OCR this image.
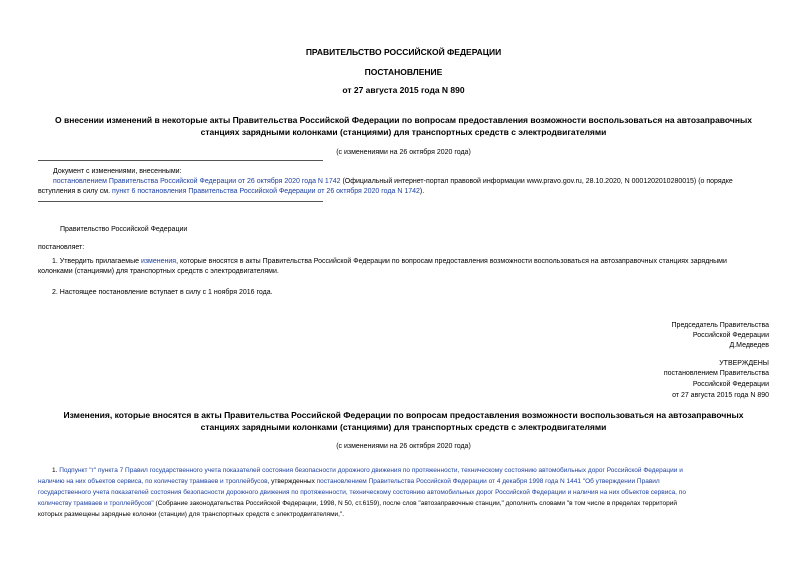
ПРАВИТЕЛЬСТВО РОССИЙСКОЙ ФЕДЕРАЦИИ
ПОСТАНОВЛЕНИЕ
от 27 августа 2015 года N 890
О внесении изменений в некоторые акты Правительства Российской Федерации по вопросам предоставления возможности воспользоваться на автозаправочных
станциях зарядными колонками (станциями) для транспортных средств с электродвигателями
(с изменениями на 26 октября 2020 года)
Документ с изменениями, внесенными:
постановлением Правительства Российской Федерации от 26 октября 2020 года N 1742 (Официальный интернет-портал правовой информации www.pravo.gov.ru, 28.10.2020, N 0001202010280015) (о порядке
вступления в силу см. пункт 6 постановления Правительства Российской Федерации от 26 октября 2020 года N 1742).
Правительство Российской Федерации
постановляет:
1. Утвердить прилагаемые изменения, которые вносятся в акты Правительства Российской Федерации по вопросам предоставления возможности воспользоваться на автозаправочных станциях зарядными
колонками (станциями) для транспортных средств с электродвигателями.
2. Настоящее постановление вступает в силу с 1 ноября 2016 года.
Председатель Правительства
Российской Федерации
Д.Медведев
УТВЕРЖДЕНЫ
постановлением Правительства
Российской Федерации
от 27 августа 2015 года N 890
Изменения, которые вносятся в акты Правительства Российской Федерации по вопросам предоставления возможности воспользоваться на автозаправочных
станциях зарядными колонками (станциями) для транспортных средств с электродвигателями
(с изменениями на 26 октября 2020 года)
1. Подпункт "г" пункта 7 Правил государственного учета показателей состояния безопасности дорожного движения по протяженности, техническому состоянию автомобильных дорог Российской Федерации и
наличию на них объектов сервиса, по количеству трамваев и троллейбусов, утвержденных постановлением Правительства Российской Федерации от 4 декабря 1998 года N 1441 "Об утверждении Правил
государственного учета показателей состояния безопасности дорожного движения по протяженности, техническому состоянию автомобильных дорог Российской Федерации и наличия на них объектов сервиса, по
количеству трамваев и троллейбусов" (Собрание законодательства Российской Федерации, 1998, N 50, ст.6159), после слов "автозаправочные станции," дополнить словами "в том числе в пределах территорий
которых размещены зарядные колонки (станции) для транспортных средств с электродвигателями,".
